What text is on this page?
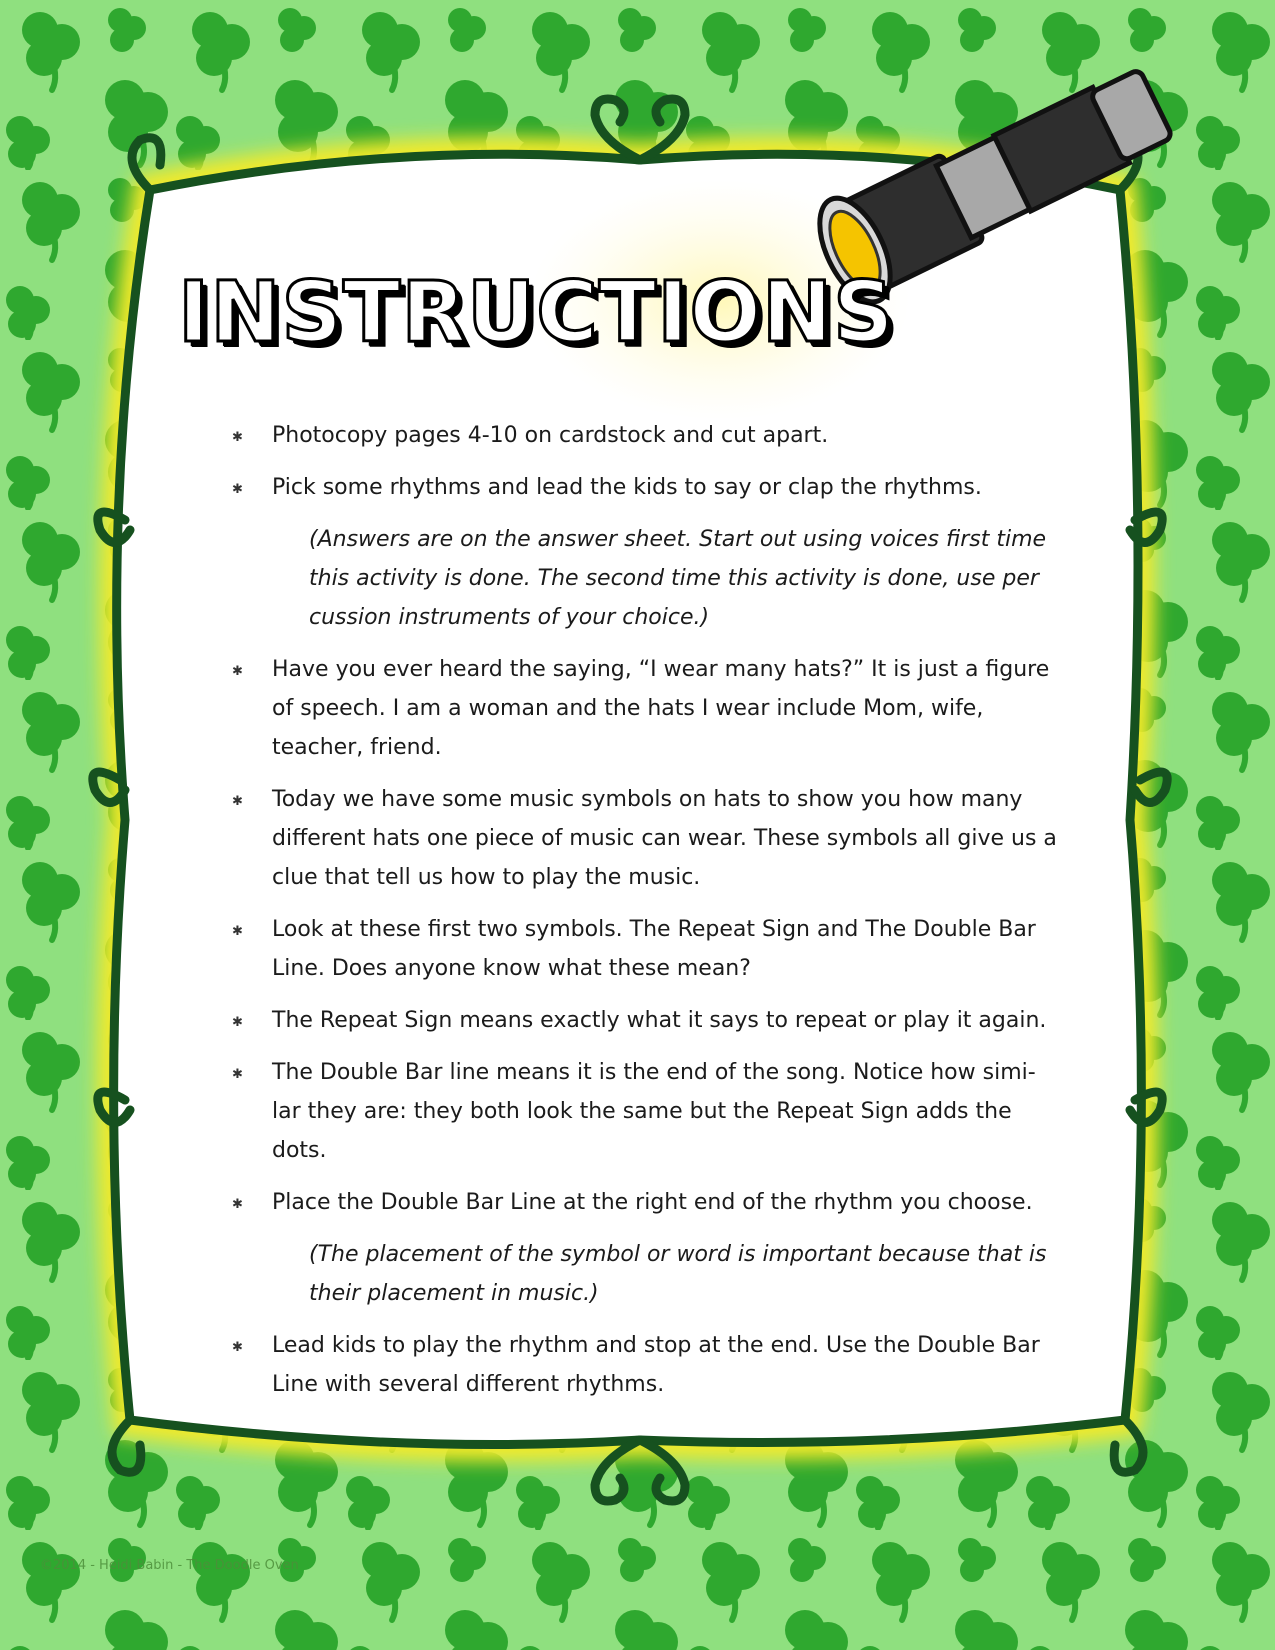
INSTRUCTIONS
✱ Photocopy pages 4-10 on cardstock and cut apart.
✱ Pick some rhythms and lead the kids to say or clap the rhythms.
(Answers are on the answer sheet. Start out using voices first time this activity is done. The second time this activity is done, use per cussion instruments of your choice.)
✱ Have you ever heard the saying, “I wear many hats?” It is just a figure of speech. I am a woman and the hats I wear include Mom, wife, teacher, friend.
✱ Today we have some music symbols on hats to show you how many different hats one piece of music can wear. These symbols all give us a clue that tell us how to play the music.
✱ Look at these first two symbols. The Repeat Sign and The Double Bar Line. Does anyone know what these mean?
✱ The Repeat Sign means exactly what it says to repeat or play it again.
✱ The Double Bar line means it is the end of the song. Notice how simi-lar they are: they both look the same but the Repeat Sign adds the dots.
✱ Place the Double Bar Line at the right end of the rhythm you choose.
(The placement of the symbol or word is important because that is their placement in music.)
✱ Lead kids to play the rhythm and stop at the end. Use the Double Bar Line with several different rhythms.
©2014 - Heidi Babin - The Doodle Oven
